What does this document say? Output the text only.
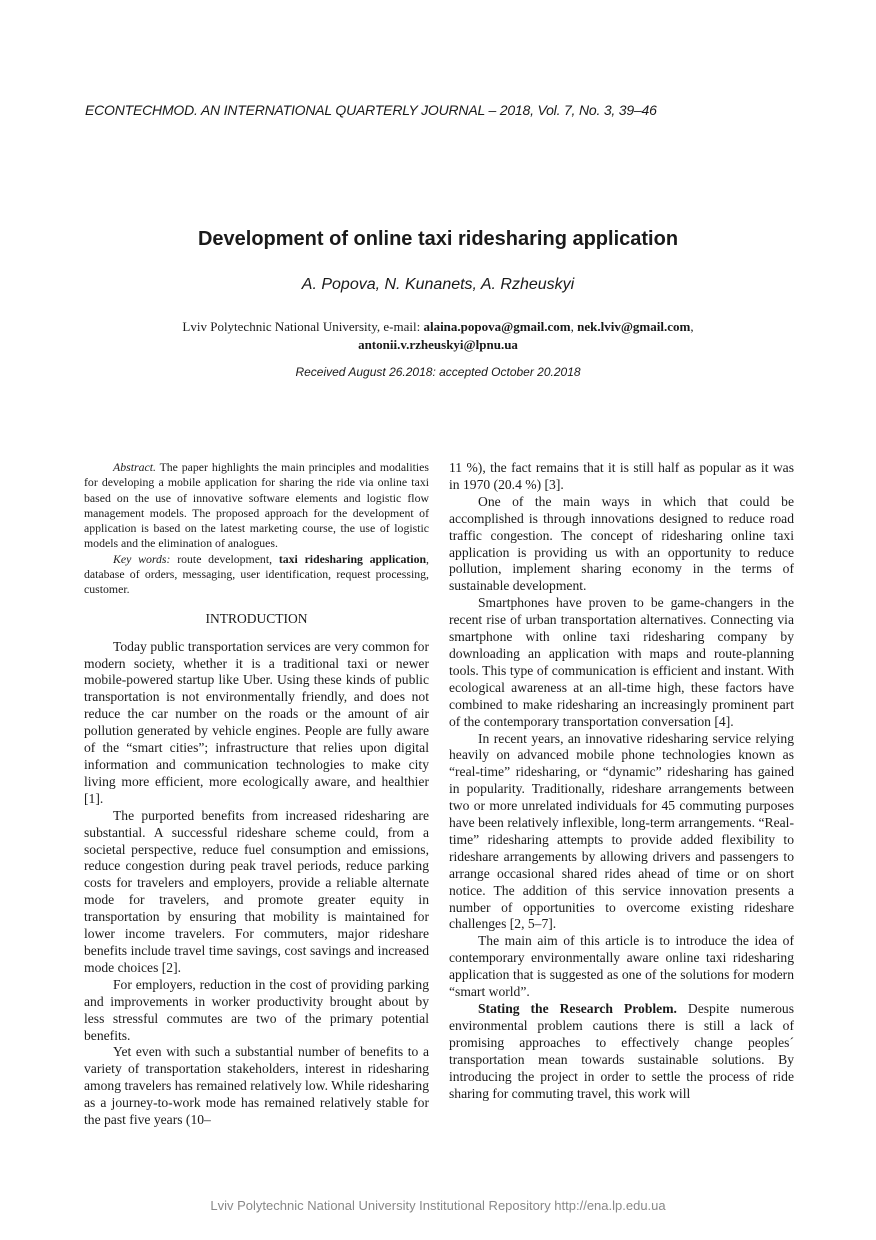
ECONTECHMOD. AN INTERNATIONAL QUARTERLY JOURNAL – 2018, Vol. 7, No. 3, 39–46
Development of online taxi ridesharing application
A. Popova, N. Kunanets, A. Rzheuskyi
Lviv Polytechnic National University, e-mail: alaina.popova@gmail.com, nek.lviv@gmail.com,
antonii.v.rzheuskyi@lpnu.ua
Received August 26.2018: accepted October 20.2018

Abstract. The paper highlights the main principles and modalities for developing a mobile application for sharing the ride via online taxi based on the use of innovative software elements and logistic flow management models. The proposed approach for the development of application is based on the latest marketing course, the use of logistic models and the elimination of analogues.

Key words: route development, taxi ridesharing application, database of orders, messaging, user identification, request processing, customer.

INTRODUCTION

Today public transportation services are very common for modern society, whether it is a traditional taxi or newer mobile-powered startup like Uber. Using these kinds of public transportation is not environmentally friendly, and does not reduce the car number on the roads or the amount of air pollution generated by vehicle engines. People are fully aware of the “smart cities”; infrastructure that relies upon digital information and communication technologies to make city living more efficient, more ecologically aware, and healthier [1].

The purported benefits from increased ridesharing are substantial. A successful rideshare scheme could, from a societal perspective, reduce fuel consumption and emissions, reduce congestion during peak travel periods, reduce parking costs for travelers and employers, provide a reliable alternate mode for travelers, and promote greater equity in transportation by ensuring that mobility is maintained for lower income travelers. For commuters, major rideshare benefits include travel time savings, cost savings and increased mode choices [2].

For employers, reduction in the cost of providing parking and improvements in worker productivity brought about by less stressful commutes are two of the primary potential benefits.

Yet even with such a substantial number of benefits to a variety of transportation stakeholders, interest in ridesharing among travelers has remained relatively low. While ridesharing as a journey-to-work mode has remained relatively stable for the past five years (10–

11 %), the fact remains that it is still half as popular as it was in 1970 (20.4 %) [3].

One of the main ways in which that could be accomplished is through innovations designed to reduce road traffic congestion. The concept of ridesharing online taxi application is providing us with an opportunity to reduce pollution, implement sharing economy in the terms of sustainable development.

Smartphones have proven to be game-changers in the recent rise of urban transportation alternatives. Connecting via smartphone with online taxi ridesharing company by downloading an application with maps and route-planning tools. This type of communication is efficient and instant. With ecological awareness at an all-time high, these factors have combined to make ridesharing an increasingly prominent part of the contemporary transportation conversation [4].

In recent years, an innovative ridesharing service relying heavily on advanced mobile phone technologies known as “real-time” ridesharing, or “dynamic” ridesharing has gained in popularity. Traditionally, rideshare arrangements between two or more unrelated individuals for 45 commuting purposes have been relatively inflexible, long-term arrangements. “Real-time” ridesharing attempts to provide added flexibility to rideshare arrangements by allowing drivers and passengers to arrange occasional shared rides ahead of time or on short notice. The addition of this service innovation presents a number of opportunities to overcome existing rideshare challenges [2, 5–7].

The main aim of this article is to introduce the idea of contemporary environmentally aware online taxi ridesharing application that is suggested as one of the solutions for modern “smart world”.

Stating the Research Problem. Despite numerous environmental problem cautions there is still a lack of promising approaches to effectively change peoples´ transportation mean towards sustainable solutions. By introducing the project in order to settle the process of ride sharing for commuting travel, this work will

Lviv Polytechnic National University Institutional Repository http://ena.lp.edu.ua
